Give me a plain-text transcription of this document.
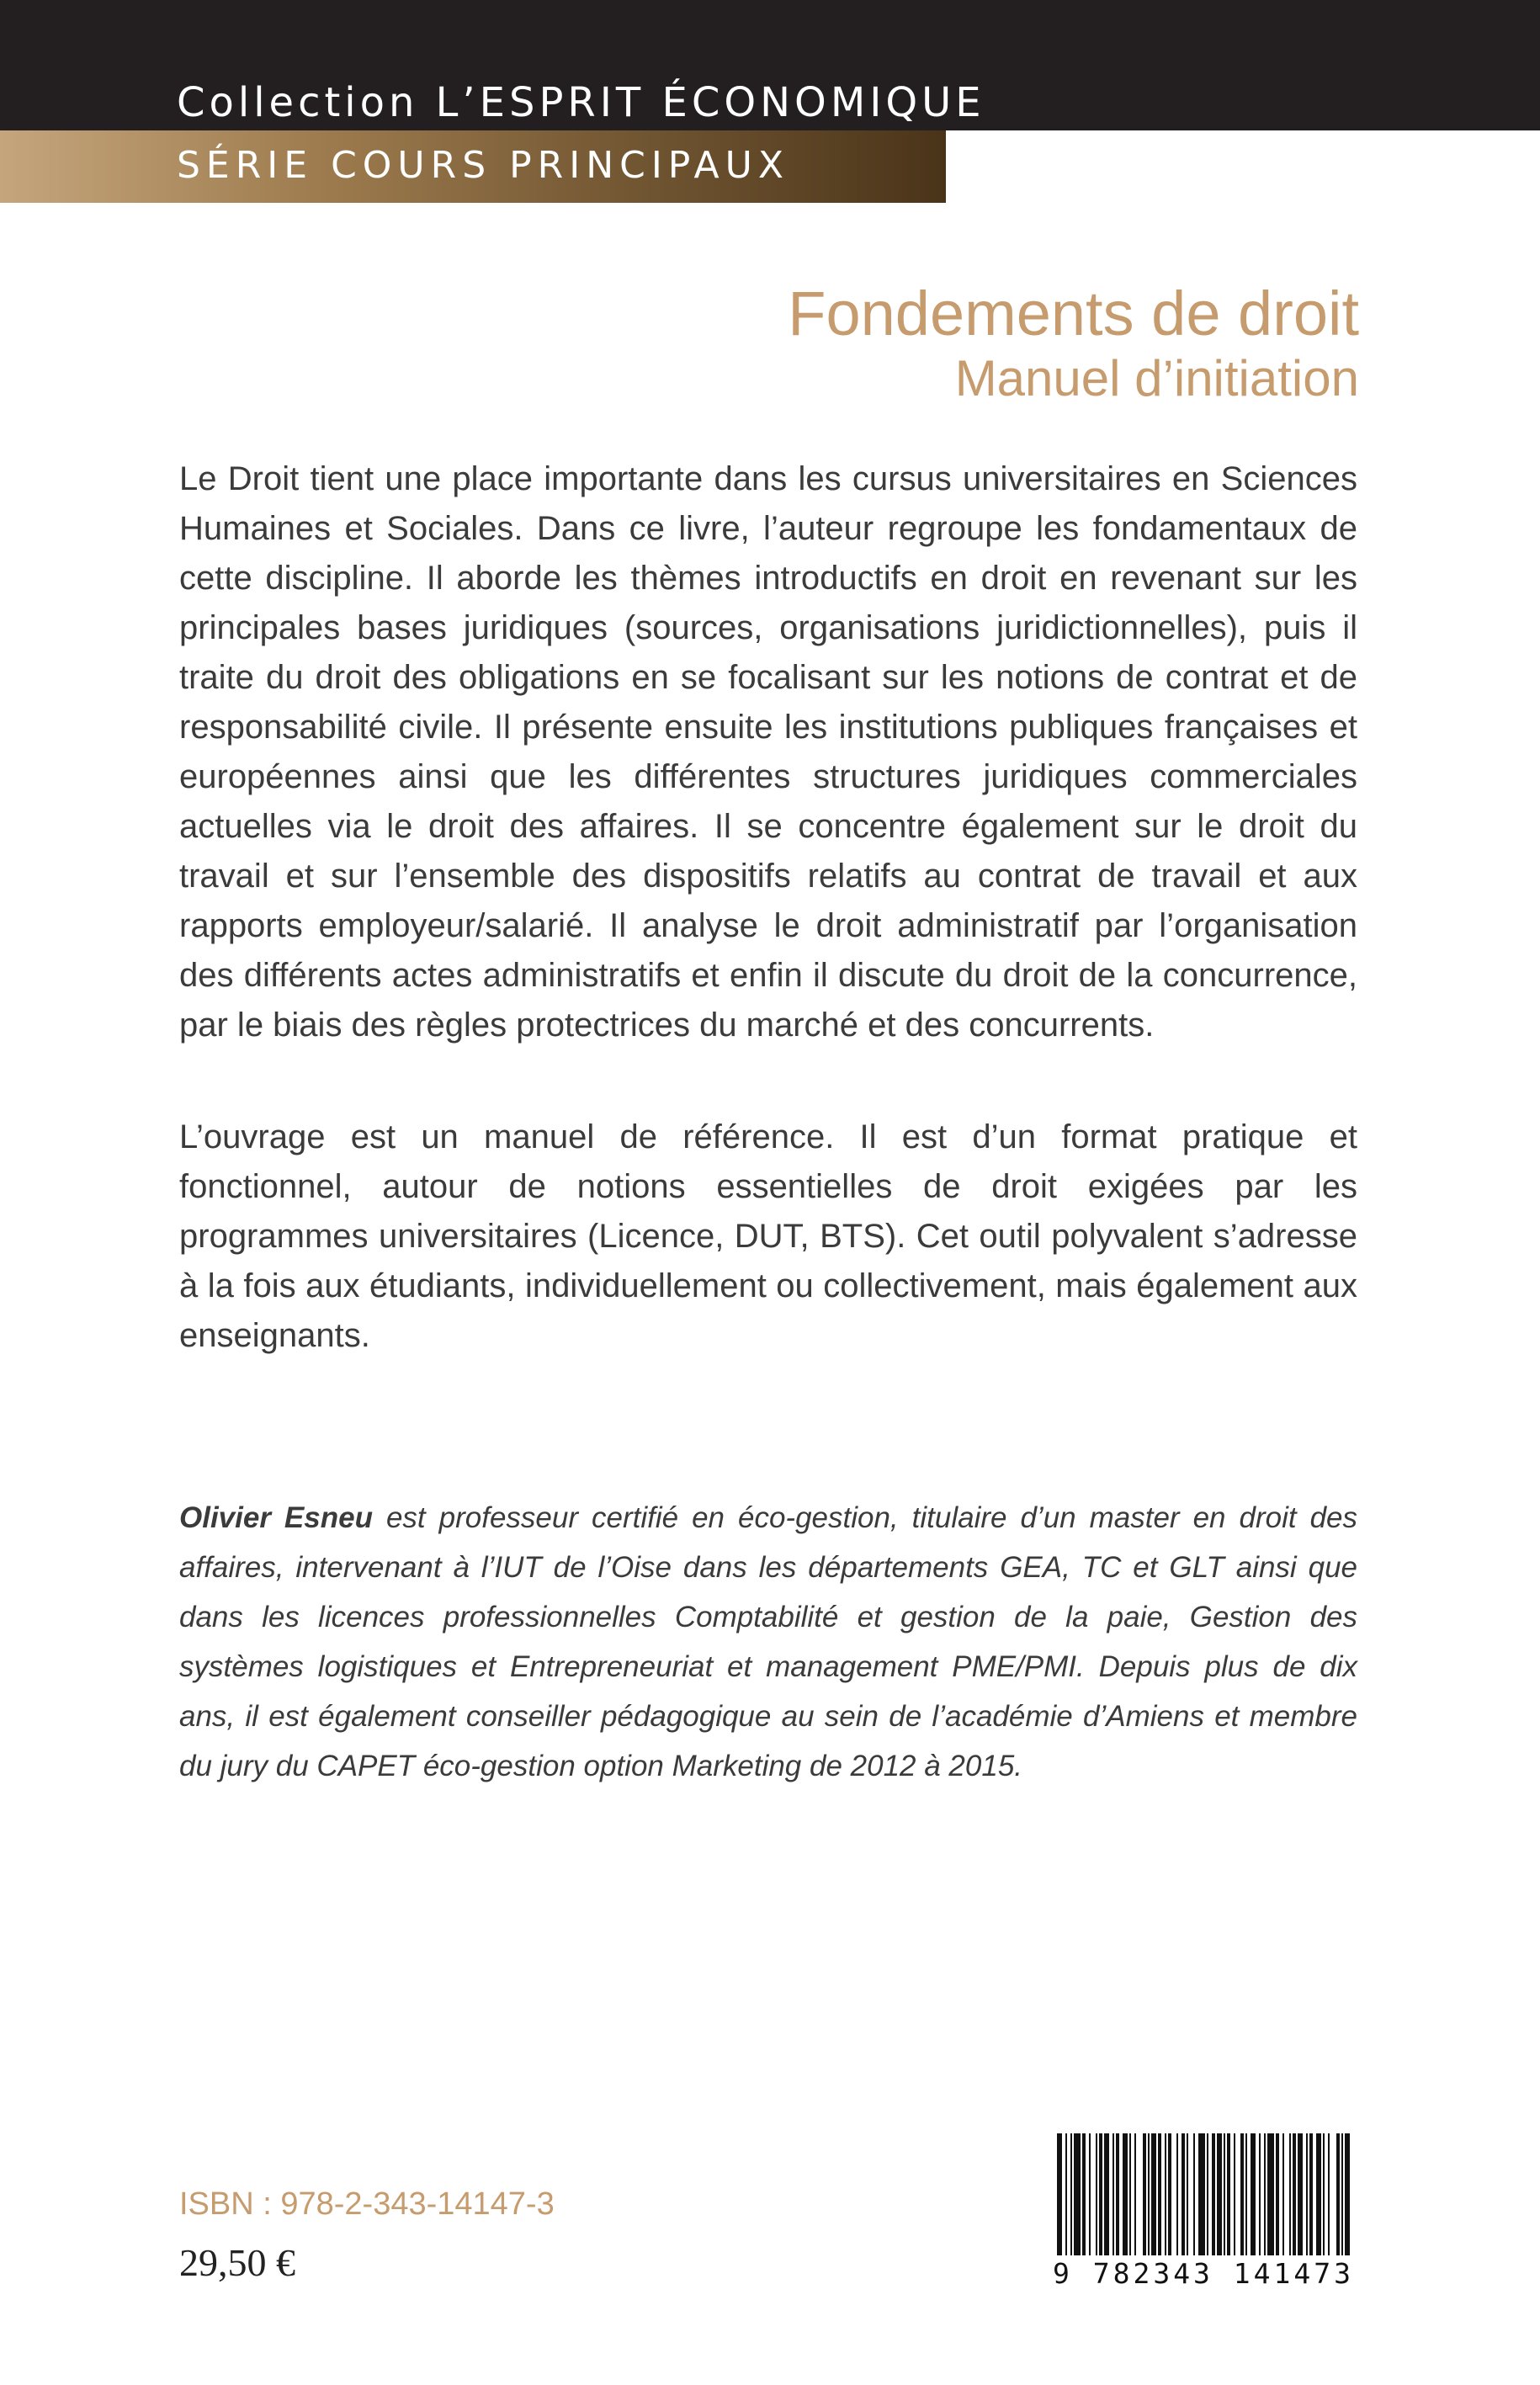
Collection L’ESPRIT ÉCONOMIQUE
SÉRIE COURS PRINCIPAUX
Fondements de droit
Manuel d’initiation

Le Droit tient une place importante dans les cursus universitaires en Sciences Humaines et Sociales. Dans ce livre, l’auteur regroupe les fondamentaux de cette discipline. Il aborde les thèmes introductifs en droit en revenant sur les principales bases juridiques (sources, organisations juridictionnelles), puis il traite du droit des obligations en se focalisant sur les notions de contrat et de responsabilité civile. Il présente ensuite les institutions publiques françaises et européennes ainsi que les différentes structures juridiques commerciales actuelles via le droit des affaires. Il se concentre également sur le droit du travail et sur l’ensemble des dispositifs relatifs au contrat de travail et aux rapports employeur/salarié. Il analyse le droit administratif par l’organisation des différents actes administratifs et enfin il discute du droit de la concurrence, par le biais des règles protectrices du marché et des concurrents.

L’ouvrage est un manuel de référence. Il est d’un format pratique et fonctionnel, autour de notions essentielles de droit exigées par les programmes universitaires (Licence, DUT, BTS). Cet outil polyvalent s’adresse à la fois aux étudiants, individuellement ou collectivement, mais également aux enseignants.

Olivier Esneu est professeur certifié en éco-gestion, titulaire d’un master en droit des affaires, intervenant à l’IUT de l’Oise dans les départements GEA, TC et GLT ainsi que dans les licences professionnelles Comptabilité et gestion de la paie, Gestion des systèmes logistiques et Entrepreneuriat et management PME/PMI. Depuis plus de dix ans, il est également conseiller pédagogique au sein de l’académie d’Amiens et membre du jury du CAPET éco-gestion option Marketing de 2012 à 2015.

ISBN : 978-2-343-14147-3
29,50 €	9 782343 141473
